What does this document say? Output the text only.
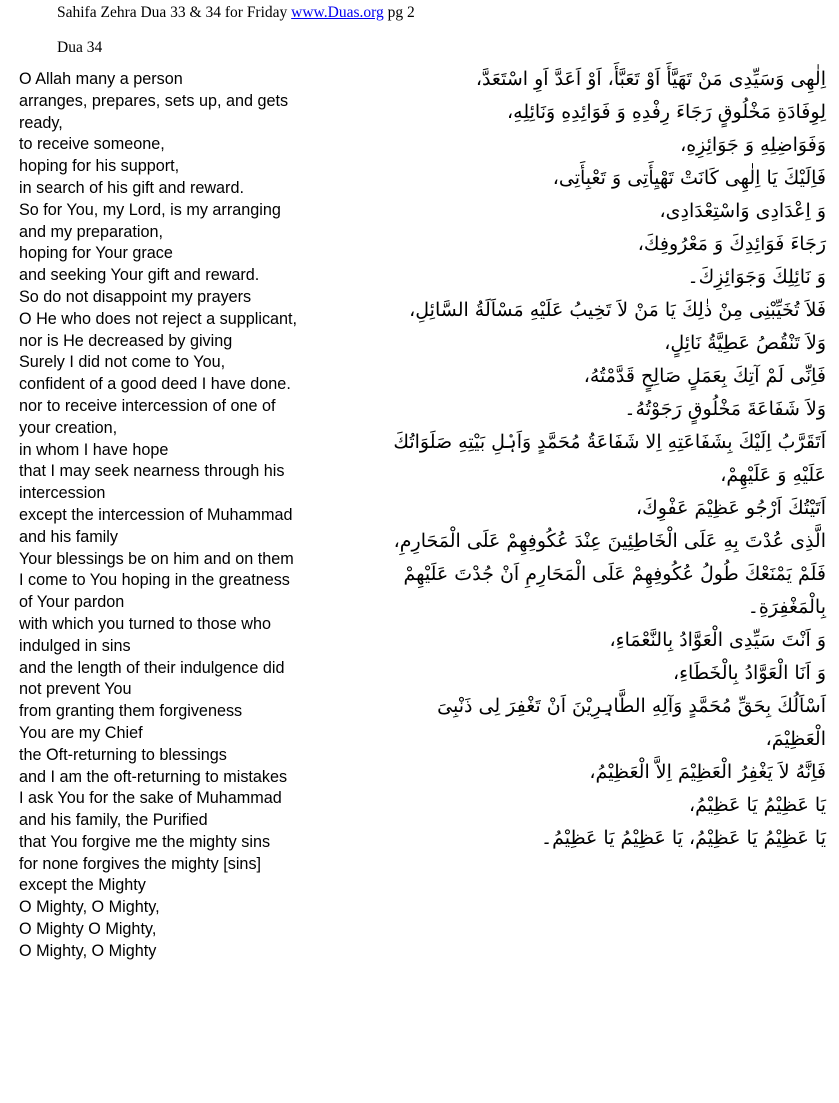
Sahifa Zehra Dua 33 & 34 for Friday www.Duas.org pg 2
Dua 34
O Allah many a person
arranges, prepares, sets up, and gets
ready,
to receive someone,
hoping for his support,
in search of his gift and reward.
So for You, my Lord, is my arranging
and my preparation,
hoping for Your grace
and seeking Your gift and reward.
So do not disappoint my prayers
O He who does not reject a supplicant,
nor is He decreased by giving
Surely I did not come to You,
confident of a good deed I have done.
nor to receive intercession of one of
your creation,
in whom I have hope
that I may seek nearness through his
intercession
except the intercession of Muhammad
and his family
Your blessings be on him and on them
I come to You hoping in the greatness
of Your pardon
with which you turned to those who
indulged in sins
and the length of their indulgence did
not prevent You
from granting them forgiveness
You are my Chief
the Oft-returning to blessings
and I am the oft-returning to mistakes
I ask You for the sake of Muhammad
and his family, the Purified
that You forgive me the mighty sins
for none forgives the mighty [sins]
except the Mighty
O Mighty, O Mighty,
O Mighty O Mighty,
O Mighty, O Mighty
اِلٰهِى وَسَيِّدِى مَنْ تَهَيَّأَ اَوْ تَعَبَّأَ، اَوْ اَعَدَّ اَوِ اسْتَعَدَّ،
لِوِفَادَةِ مَخْلُوقٍ رَجَاءَ رِفْدِهِ وَ فَوَائِدِهِ وَنَائِلِهِ،
وَفَوَاضِلِهِ وَ جَوَائِزِهِ،
فَاِلَيْكَ يَا اِلٰهِى كَانَتْ تَهْيِأَتِى وَ تَعْبِأَتِى،
وَ اِعْدَادِى وَاسْتِعْدَادِى،
رَجَاءَ فَوَائِدِكَ وَ مَعْرُوفِكَ،
وَ نَائِلِكَ وَجَوَائِزِكَ۔
فَلاَ تُخَيِّبْنِى مِنْ ذٰلِكَ يَا مَنْ لاَ تَخِيبُ عَلَيْهِ مَسْاَلَةُ السَّائِلِ،
وَلاَ تَنْقُصُ عَطِيَّةُ نَائِلٍ،
فَاِنِّى لَمْ آتِكَ بِعَمَلٍ صَالِحٍ قَدَّمْتُهُ،
وَلاَ شَفَاعَةَ مَخْلُوقٍ رَجَوْتُهُ۔
اَتَقَرَّبُ اِلَيْكَ بِشَفَاعَتِهِ اِلا شَفَاعَةُ مُحَمَّدٍ وَاَہْلِ بَيْتِهِ صَلَوَاتُكَ
عَلَيْهِ وَ عَلَيْهِمْ،
اَتَيْتُكَ اَرْجُو عَظِيْمَ عَفْوِكَ،
الَّذِى عُدْتَ بِهِ عَلَى الْخَاطِئِينَ عِنْدَ عُكُوفِهِمْ عَلَى الْمَحَارِمِ،
فَلَمْ يَمْنَعْكَ طُولُ عُكُوفِهِمْ عَلَى الْمَحَارِمِ اَنْ جُدْتَ عَلَيْهِمْ
بِالْمَغْفِرَةِ۔
وَ اَنْتَ سَيِّدِى الْعَوَّادُ بِالنَّعْمَاءِ،
وَ اَنَا الْعَوَّادُ بِالْخَطَاءِ،
اَسْاَلُكَ بِحَقِّ مُحَمَّدٍ وَآلِهِ الطَّاہِرِيْنَ اَنْ تَغْفِرَ لِى ذَنْبِىَ
الْعَظِيْمَ،
فَاِنَّهُ لاَ يَغْفِرُ الْعَظِيْمَ اِلاَّ الْعَظِيْمُ،
يَا عَظِيْمُ يَا عَظِيْمُ،
يَا عَظِيْمُ يَا عَظِيْمُ، يَا عَظِيْمُ يَا عَظِيْمُ۔
